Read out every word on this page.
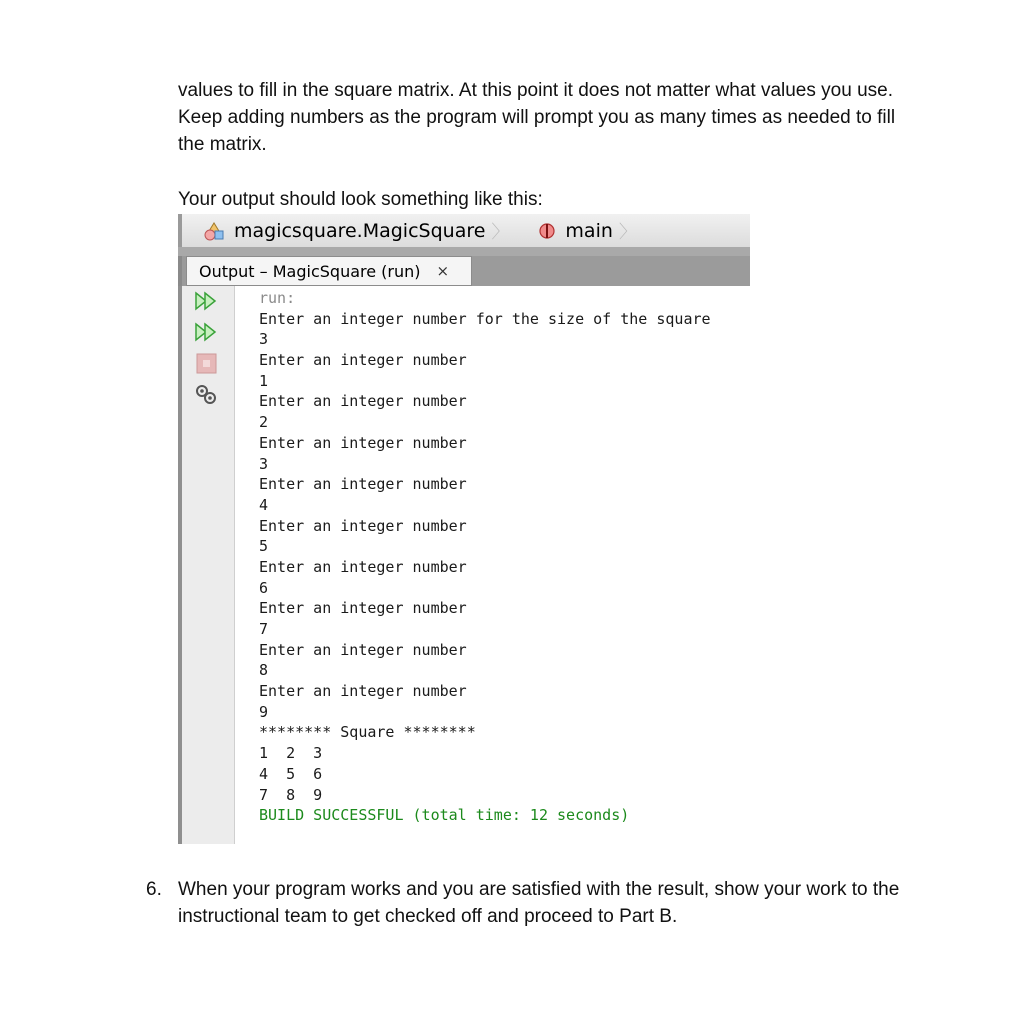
values to fill in the square matrix. At this point it does not matter what values you use. Keep adding numbers as the program will prompt you as many times as needed to fill the matrix.
Your output should look something like this:
magicsquare.MagicSquare 〉	main 〉
Output – MagicSquare (run) ×
run:
Enter an integer number for the size of the square
3
Enter an integer number
1
Enter an integer number
2
Enter an integer number
3
Enter an integer number
4
Enter an integer number
5
Enter an integer number
6
Enter an integer number
7
Enter an integer number
8
Enter an integer number
9
******** Square ********
1  2  3
4  5  6
7  8  9
BUILD SUCCESSFUL (total time: 12 seconds)
6. When your program works and you are satisfied with the result, show your work to the instructional team to get checked off and proceed to Part B.
